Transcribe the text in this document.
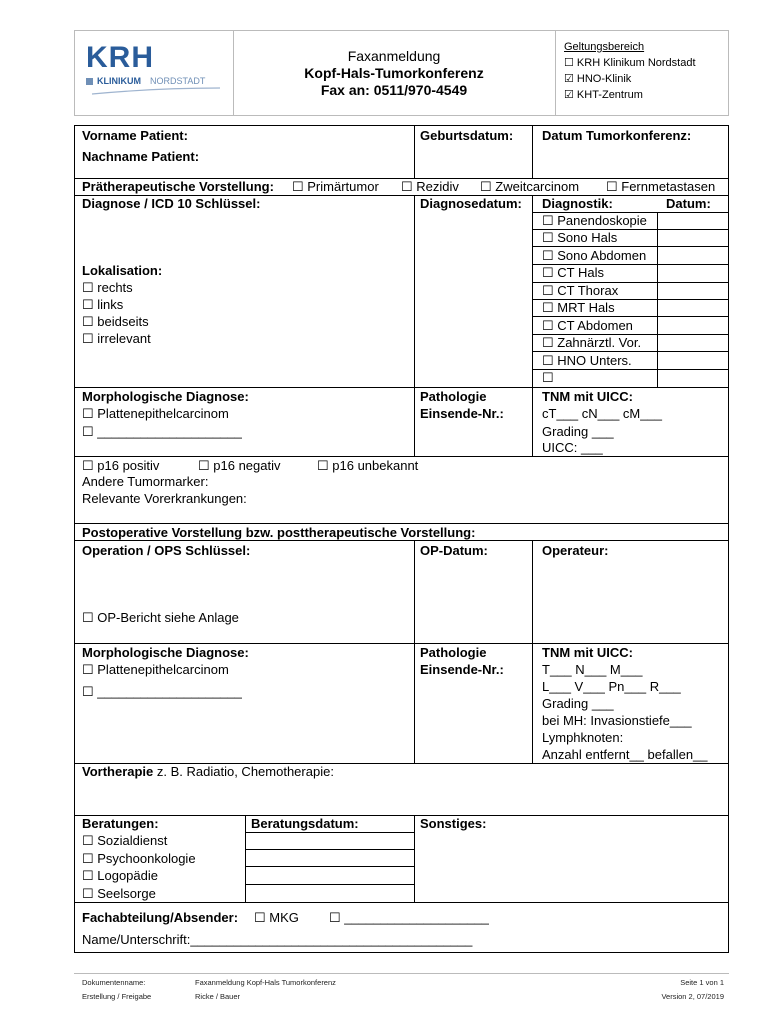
KRH
KLINIKUM NORDSTADT
Faxanmeldung
Kopf-Hals-Tumorkonferenz
Fax an: 0511/970-4549
Geltungsbereich
☐ KRH Klinikum Nordstadt
☑ HNO-Klinik
☑ KHT-Zentrum
Vorname Patient:
Nachname Patient:
Geburtsdatum: Datum Tumorkonferenz:
Prätherapeutische Vorstellung: ☐ Primärtumor ☐ Rezidiv ☐ Zweitcarcinom ☐ Fernmetastasen
Diagnose / ICD 10 Schlüssel:	Diagnosedatum: Diagnostik:	Datum:
☐ Panendoskopie
☐ Sono Hals
☐ Sono Abdomen
☐ CT Hals
☐ CT Thorax
☐ MRT Hals
☐ CT Abdomen
☐ Zahnärztl. Vor.
☐ HNO Unters.
☐
Lokalisation:
☐ rechts
☐ links
☐ beidseits
☐ irrelevant
Morphologische Diagnose:
☐ Plattenepithelcarcinom
☐ ____________________
Pathologie
Einsende-Nr.:
TNM mit UICC:
cT___ cN___ cM___
Grading ___
UICC: ___
☐ p16 positiv	☐ p16 negativ	☐ p16 unbekannt
Andere Tumormarker:
Relevante Vorerkrankungen:
Postoperative Vorstellung bzw. posttherapeutische Vorstellung:
Operation / OPS Schlüssel:	OP-Datum:	Operateur:
☐ OP-Bericht siehe Anlage
Morphologische Diagnose:
☐ Plattenepithelcarcinom
☐ ____________________
Pathologie
Einsende-Nr.:
TNM mit UICC:
T___ N___ M___
L___ V___ Pn___ R___
Grading ___
bei MH: Invasionstiefe___
Lymphknoten:
Anzahl entfernt__ befallen__
Vortherapie z. B. Radiatio, Chemotherapie:
Beratungen:	Beratungsdatum:	Sonstiges:
☐ Sozialdienst
☐ Psychoonkologie
☐ Logopädie
☐ Seelsorge
Fachabteilung/Absender: ☐ MKG ☐ ____________________
Name/Unterschrift:_______________________________________
Dokumentenname:	Faxanmeldung Kopf-Hals Tumorkonferenz
Erstellung / Freigabe	Ricke / Bauer
Seite 1 von 1
Version 2, 07/2019
